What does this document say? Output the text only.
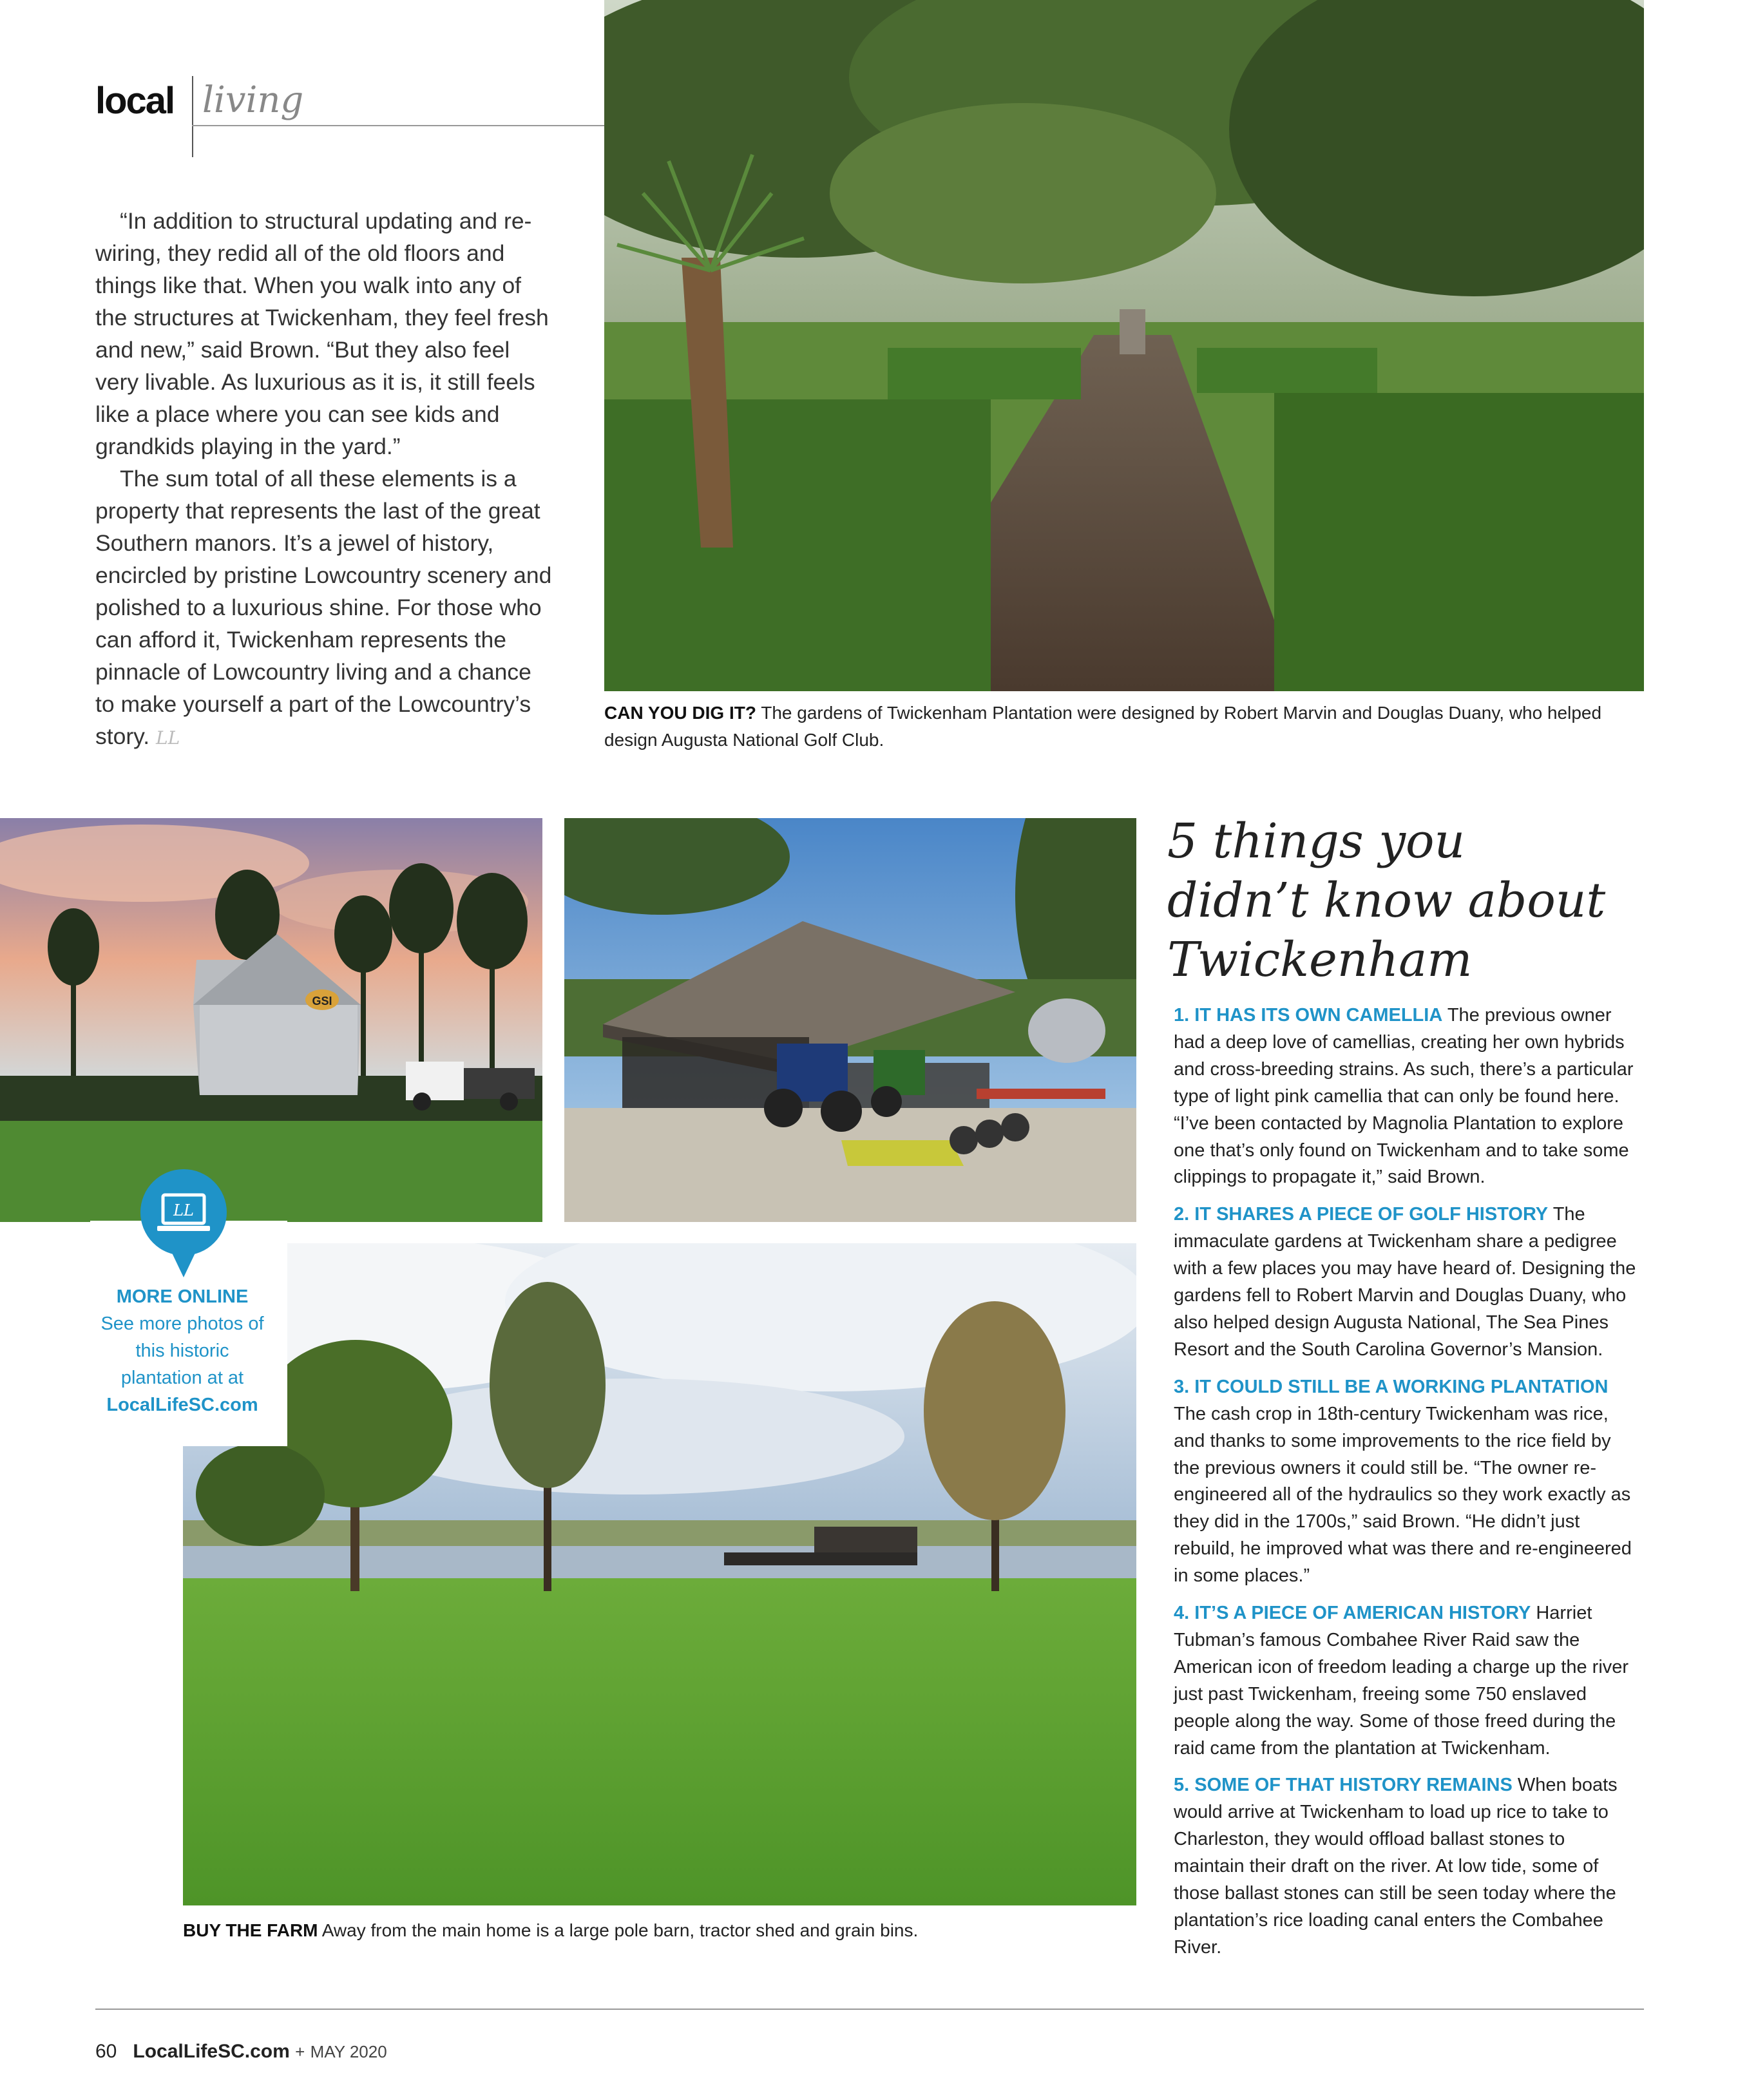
local living

“In addition to structural updating and re-wiring, they redid all of the old floors and things like that. When you walk into any of the structures at Twickenham, they feel fresh and new,” said Brown. “But they also feel very livable. As luxurious as it is, it still feels like a place where you can see kids and grandkids playing in the yard.”

The sum total of all these elements is a property that represents the last of the great Southern manors. It’s a jewel of history, encircled by pristine Lowcountry scenery and polished to a luxurious shine. For those who can afford it, Twickenham represents the pinnacle of Lowcountry living and a chance to make yourself a part of the Lowcountry’s story. LL

CAN YOU DIG IT? The gardens of Twickenham Plantation were designed by Robert Marvin and Douglas Duany, who helped design Augusta National Golf Club.
GSI
BUY THE FARM Away from the main home is a large pole barn, tractor shed and grain bins.
LL
MORE ONLINE
See more photos of this historic plantation at at
LocalLifeSC.com
5 things you didn’t know about Twickenham
1. IT HAS ITS OWN CAMELLIA The previous owner had a deep love of camellias, creating her own hybrids and cross-breeding strains. As such, there’s a particular type of light pink camellia that can only be found here. “I’ve been contacted by Magnolia Plantation to explore one that’s only found on Twickenham and to take some clippings to propagate it,” said Brown.
2. IT SHARES A PIECE OF GOLF HISTORY The immaculate gardens at Twickenham share a pedigree with a few places you may have heard of. Designing the gardens fell to Robert Marvin and Douglas Duany, who also helped design Augusta National, The Sea Pines Resort and the South Carolina Governor’s Mansion.
3. IT COULD STILL BE A WORKING PLANTATION The cash crop in 18th-century Twickenham was rice, and thanks to some improvements to the rice field by the previous owners it could still be. “The owner re-engineered all of the hydraulics so they work exactly as they did in the 1700s,” said Brown. “He didn’t just rebuild, he improved what was there and re-engineered in some places.”
4. IT’S A PIECE OF AMERICAN HISTORY Harriet Tubman’s famous Combahee River Raid saw the American icon of freedom leading a charge up the river just past Twickenham, freeing some 750 enslaved people along the way. Some of those freed during the raid came from the plantation at Twickenham.
5. SOME OF THAT HISTORY REMAINS When boats would arrive at Twickenham to load up rice to take to Charleston, they would offload ballast stones to maintain their draft on the river. At low tide, some of those ballast stones can still be seen today where the plantation’s rice loading canal enters the Combahee River.
60 LocalLifeSC.com + MAY 2020
